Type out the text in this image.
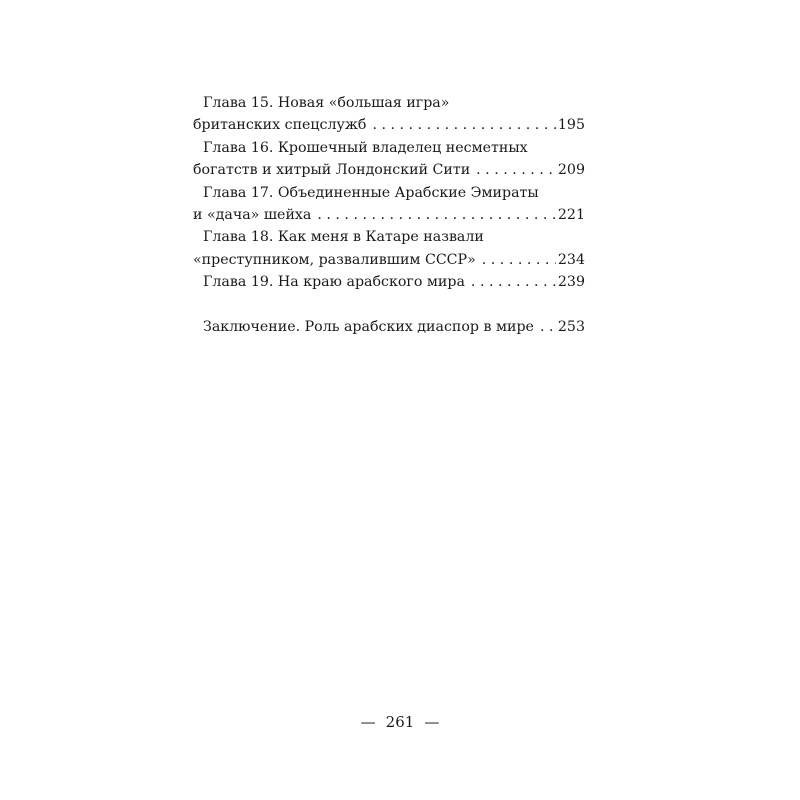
Глава 15. Новая «большая игра»
британских спецслужб . . .	195
Глава 16. Крошечный владелец несметных
богатств и хитрый Лондонский Сити . . .	209
Глава 17. Объединенные Арабские Эмираты
и «дача» шейха . . .	221
Глава 18. Как меня в Катаре назвали
«преступником, развалившим СССР» . . .	234
Глава 19. На краю арабского мира . . .	239
Заключение. Роль арабских диаспор в мире . . . 253
— 261 —
